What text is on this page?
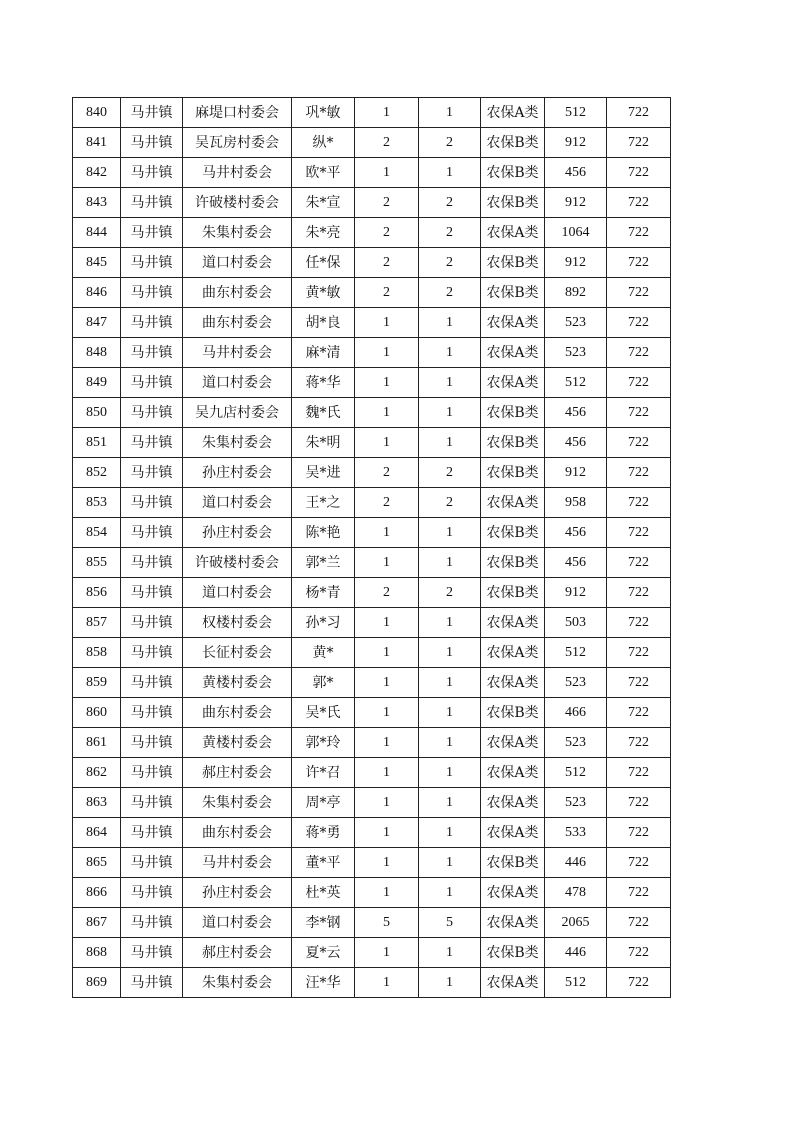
840	马井镇	麻堤口村委会	巩*敏	1	1	农保A类	512	722
841	马井镇	吴瓦房村委会	纵*	2	2	农保B类	912	722
842	马井镇	马井村委会	欧*平	1	1	农保B类	456	722
843	马井镇	许破楼村委会	朱*宣	2	2	农保B类	912	722
844	马井镇	朱集村委会	朱*亮	2	2	农保A类	1064	722
845	马井镇	道口村委会	任*保	2	2	农保B类	912	722
846	马井镇	曲东村委会	黄*敏	2	2	农保B类	892	722
847	马井镇	曲东村委会	胡*良	1	1	农保A类	523	722
848	马井镇	马井村委会	麻*清	1	1	农保A类	523	722
849	马井镇	道口村委会	蒋*华	1	1	农保A类	512	722
850	马井镇	吴九店村委会	魏*氏	1	1	农保B类	456	722
851	马井镇	朱集村委会	朱*明	1	1	农保B类	456	722
852	马井镇	孙庄村委会	吴*进	2	2	农保B类	912	722
853	马井镇	道口村委会	王*之	2	2	农保A类	958	722
854	马井镇	孙庄村委会	陈*艳	1	1	农保B类	456	722
855	马井镇	许破楼村委会	郭*兰	1	1	农保B类	456	722
856	马井镇	道口村委会	杨*青	2	2	农保B类	912	722
857	马井镇	权楼村委会	孙*习	1	1	农保A类	503	722
858	马井镇	长征村委会	黄*	1	1	农保A类	512	722
859	马井镇	黄楼村委会	郭*	1	1	农保A类	523	722
860	马井镇	曲东村委会	吴*氏	1	1	农保B类	466	722
861	马井镇	黄楼村委会	郭*玲	1	1	农保A类	523	722
862	马井镇	郝庄村委会	许*召	1	1	农保A类	512	722
863	马井镇	朱集村委会	周*亭	1	1	农保A类	523	722
864	马井镇	曲东村委会	蒋*勇	1	1	农保A类	533	722
865	马井镇	马井村委会	董*平	1	1	农保B类	446	722
866	马井镇	孙庄村委会	杜*英	1	1	农保A类	478	722
867	马井镇	道口村委会	李*钢	5	5	农保A类	2065	722
868	马井镇	郝庄村委会	夏*云	1	1	农保B类	446	722
869	马井镇	朱集村委会	汪*华	1	1	农保A类	512	722
